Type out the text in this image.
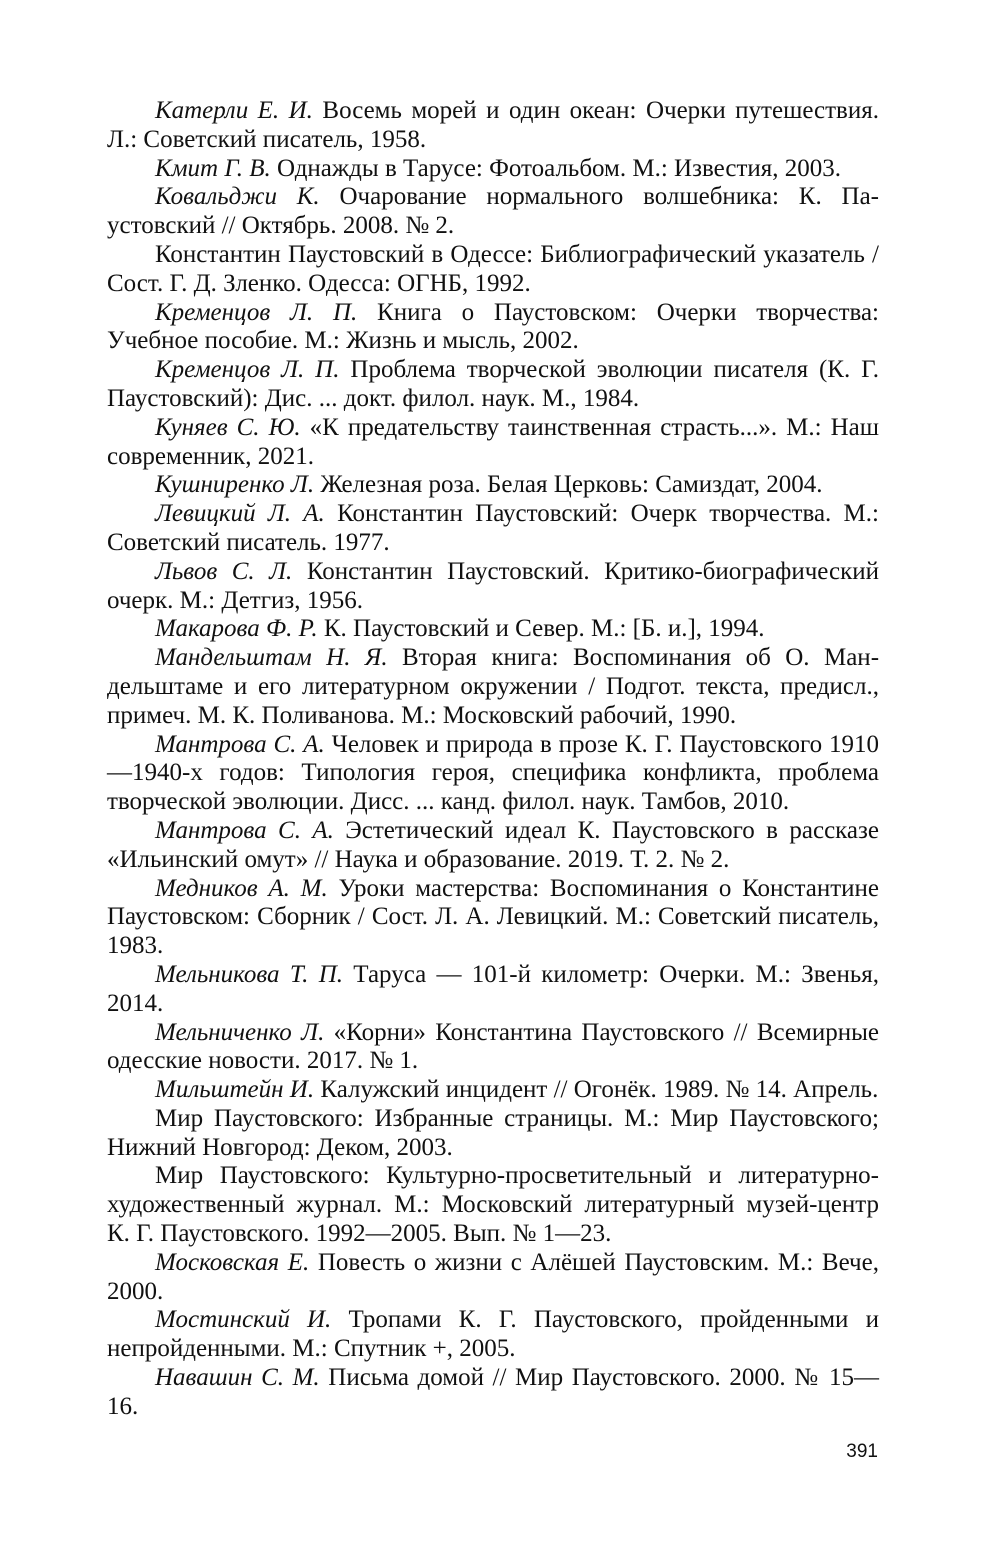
Катерли Е. И. Восемь морей и один океан: Очерки путешествия. Л.: Советский писатель, 1958.

Кмит Г. В. Однажды в Тарусе: Фотоальбом. М.: Известия, 2003.

Ковальджи К. Очарование нормального волшебника: К. Паустовский // Октябрь. 2008. № 2.

Константин Паустовский в Одессе: Библиографический указатель / Сост. Г. Д. Зленко. Одесса: ОГНБ, 1992.

Кременцов Л. П. Книга о Паустовском: Очерки творчества: Учебное пособие. М.: Жизнь и мысль, 2002.

Кременцов Л. П. Проблема творческой эволюции писателя (К. Г. Паустовский): Дис. ... докт. филол. наук. М., 1984.

Куняев С. Ю. «К предательству таинственная страсть...». М.: Наш современник, 2021.

Кушниренко Л. Железная роза. Белая Церковь: Самиздат, 2004.

Левицкий Л. А. Константин Паустовский: Очерк творчества. М.: Советский писатель. 1977.

Львов С. Л. Константин Паустовский. Критико-биографический очерк. М.: Детгиз, 1956.

Макарова Ф. Р. К. Паустовский и Север. М.: [Б. и.], 1994.

Мандельштам Н. Я. Вторая книга: Воспоминания об О. Мандельштаме и его литературном окружении / Подгот. текста, предисл., примеч. М. К. Поливанова. М.: Московский рабочий, 1990.

Мантрова С. А. Человек и природа в прозе К. Г. Паустовского 1910—1940-х годов: Типология героя, специфика конфликта, проблема творческой эволюции. Дисс. ... канд. филол. наук. Тамбов, 2010.

Мантрова С. А. Эстетический идеал К. Паустовского в рассказе «Ильинский омут» // Наука и образование. 2019. Т. 2. № 2.

Медников А. М. Уроки мастерства: Воспоминания о Константине Паустовском: Сборник / Сост. Л. А. Левицкий. М.: Советский писатель, 1983.

Мельникова Т. П. Таруса — 101-й километр: Очерки. М.: Звенья, 2014.

Мельниченко Л. «Корни» Константина Паустовского // Всемирные одесские новости. 2017. № 1.

Мильштейн И. Калужский инцидент // Огонёк. 1989. № 14. Апрель.

Мир Паустовского: Избранные страницы. М.: Мир Паустовского; Нижний Новгород: Деком, 2003.

Мир Паустовского: Культурно-просветительный и литературно-художественный журнал. М.: Московский литературный музей-центр К. Г. Паустовского. 1992—2005. Вып. № 1—23.

Московская Е. Повесть о жизни с Алёшей Паустовским. М.: Вече, 2000.

Мостинский И. Тропами К. Г. Паустовского, пройденными и непройденными. М.: Спутник +, 2005.

Навашин С. М. Письма домой // Мир Паустовского. 2000. № 15—16.

391
